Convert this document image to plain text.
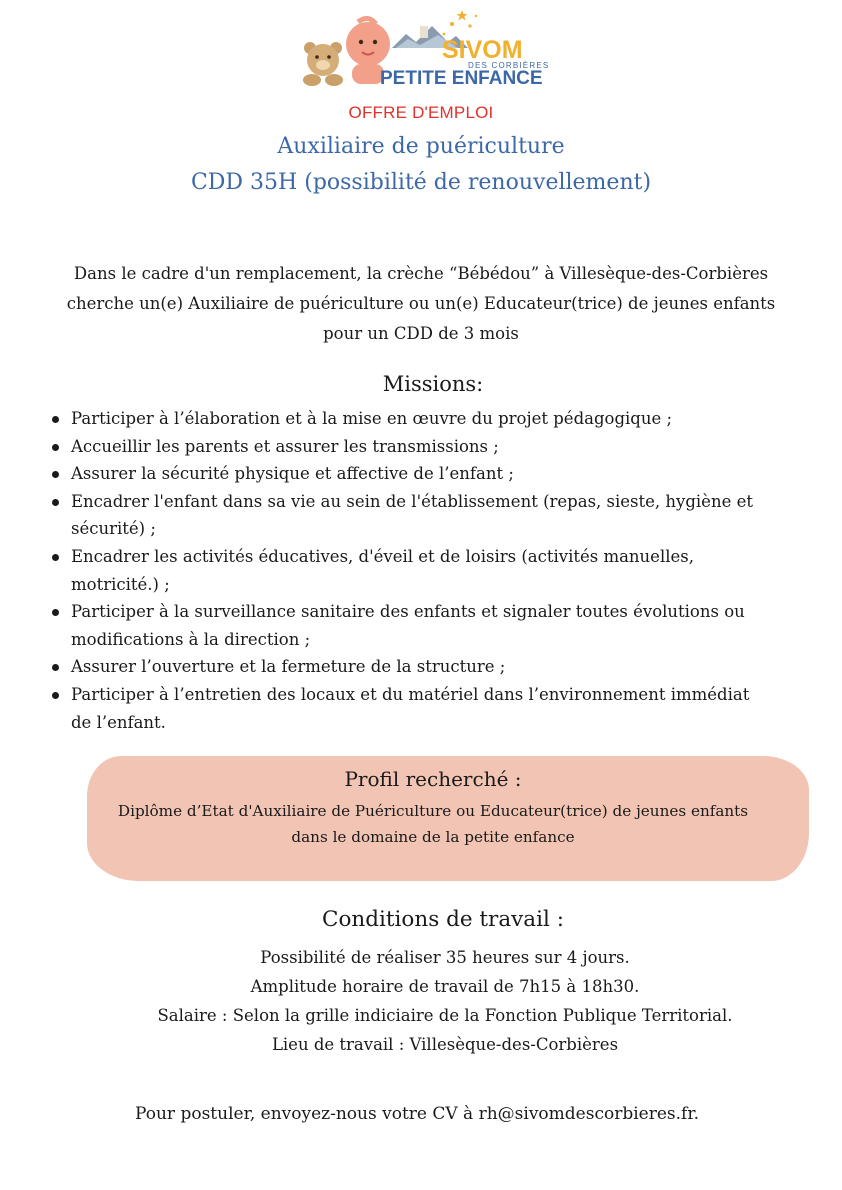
SIVOM
DES CORBIÈRES
PETITE ENFANCE
OFFRE D'EMPLOI
Auxiliaire de puériculture
CDD 35H (possibilité de renouvellement)
Dans le cadre d'un remplacement, la crèche “Bébédou” à Villesèque-des-Corbières
cherche un(e) Auxiliaire de puériculture ou un(e) Educateur(trice) de jeunes enfants
pour un CDD de 3 mois
Missions:
Participer à l’élaboration et à la mise en œuvre du projet pédagogique ;
Accueillir les parents et assurer les transmissions ;
Assurer la sécurité physique et affective de l’enfant ;
Encadrer l'enfant dans sa vie au sein de l'établissement (repas, sieste, hygiène et
sécurité) ;
Encadrer les activités éducatives, d'éveil et de loisirs (activités manuelles,
motricité.) ;
Participer à la surveillance sanitaire des enfants et signaler toutes évolutions ou
modifications à la direction ;
Assurer l’ouverture et la fermeture de la structure ;
Participer à l’entretien des locaux et du matériel dans l’environnement immédiat
de l’enfant.
Profil recherché :
Diplôme d’Etat d'Auxiliaire de Puériculture ou Educateur(trice) de jeunes enfants
dans le domaine de la petite enfance
Conditions de travail :
Possibilité de réaliser 35 heures sur 4 jours.
Amplitude horaire de travail de 7h15 à 18h30.
Salaire : Selon la grille indiciaire de la Fonction Publique Territorial.
Lieu de travail : Villesèque-des-Corbières
Pour postuler, envoyez-nous votre CV à rh@sivomdescorbieres.fr.
